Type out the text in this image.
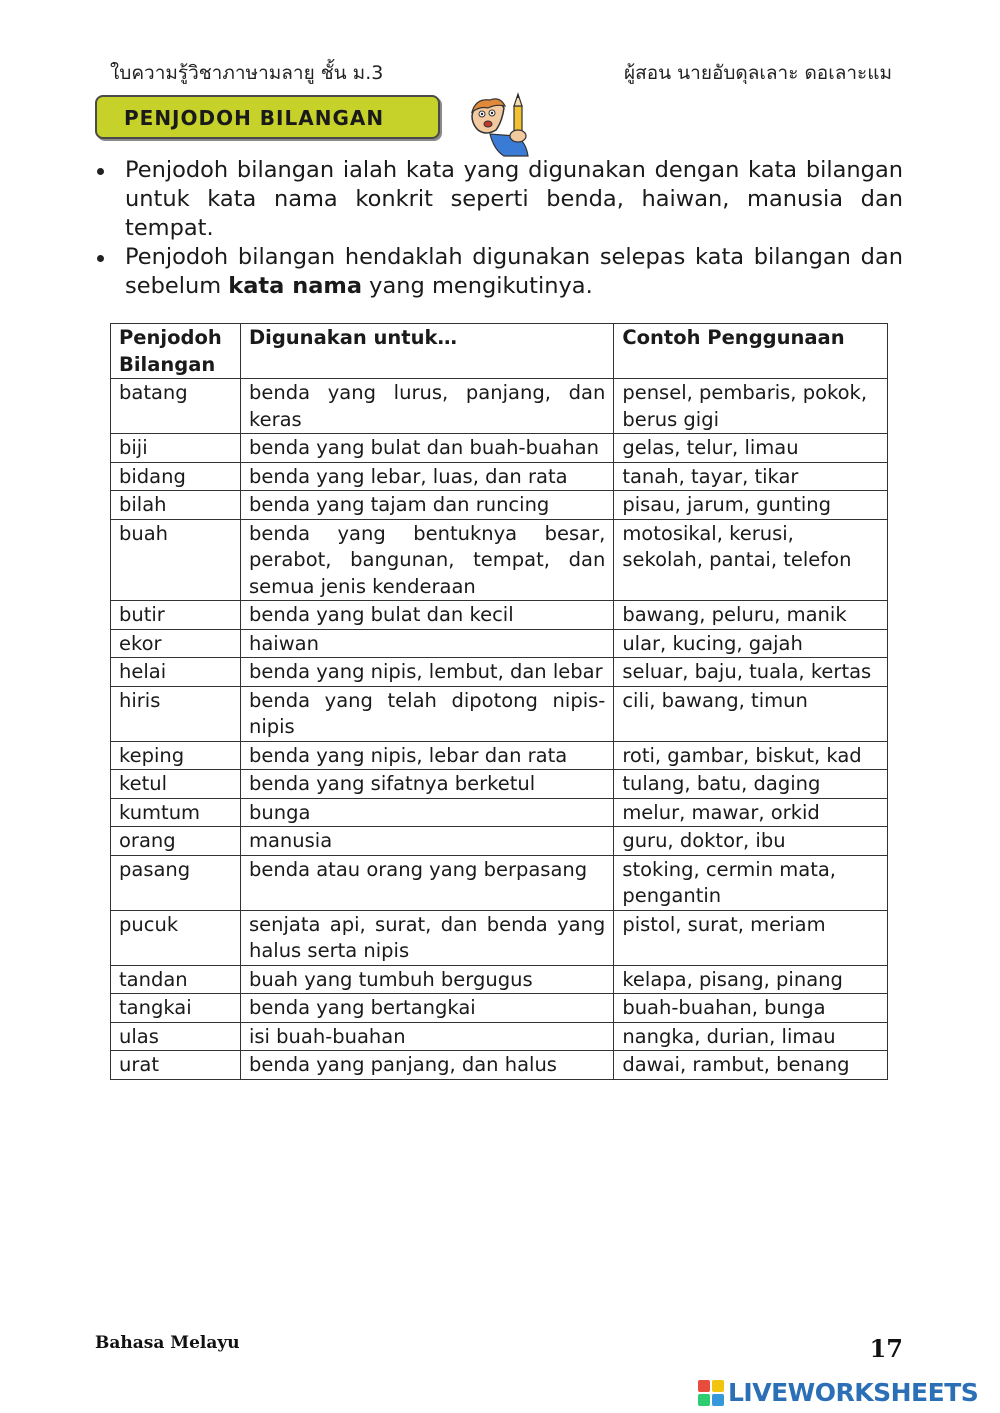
ใบความรู้วิชาภาษามลายู ชั้น ม.3	ผู้สอน นายอับดุลเลาะ ดอเลาะแม
PENJODOH BILANGAN
Penjodoh bilangan ialah kata yang digunakan dengan kata bilangan untuk kata nama konkrit seperti benda, haiwan, manusia dan tempat.
Penjodoh bilangan hendaklah digunakan selepas kata bilangan dan sebelum kata nama yang mengikutinya.
Penjodoh Bilangan	Digunakan untuk…	Contoh Penggunaan
batang	benda yang lurus, panjang, dan keras	pensel, pembaris, pokok, berus gigi
biji	benda yang bulat dan buah-buahan	gelas, telur, limau
bidang	benda yang lebar, luas, dan rata	tanah, tayar, tikar
bilah	benda yang tajam dan runcing	pisau, jarum, gunting
buah	benda yang bentuknya besar, perabot, bangunan, tempat, dan semua jenis kenderaan	motosikal, kerusi, sekolah, pantai, telefon
butir	benda yang bulat dan kecil	bawang, peluru, manik
ekor	haiwan	ular, kucing, gajah
helai	benda yang nipis, lembut, dan lebar	seluar, baju, tuala, kertas
hiris	benda yang telah dipotong nipis-nipis	cili, bawang, timun
keping	benda yang nipis, lebar dan rata	roti, gambar, biskut, kad
ketul	benda yang sifatnya berketul	tulang, batu, daging
kumtum	bunga	melur, mawar, orkid
orang	manusia	guru, doktor, ibu
pasang	benda atau orang yang berpasang	stoking, cermin mata, pengantin
pucuk	senjata api, surat, dan benda yang halus serta nipis	pistol, surat, meriam
tandan	buah yang tumbuh bergugus	kelapa, pisang, pinang
tangkai	benda yang bertangkai	buah-buahan, bunga
ulas	isi buah-buahan	nangka, durian, limau
urat	benda yang panjang, dan halus	dawai, rambut, benang
Bahasa Melayu	17
LIVEWORKSHEETS
